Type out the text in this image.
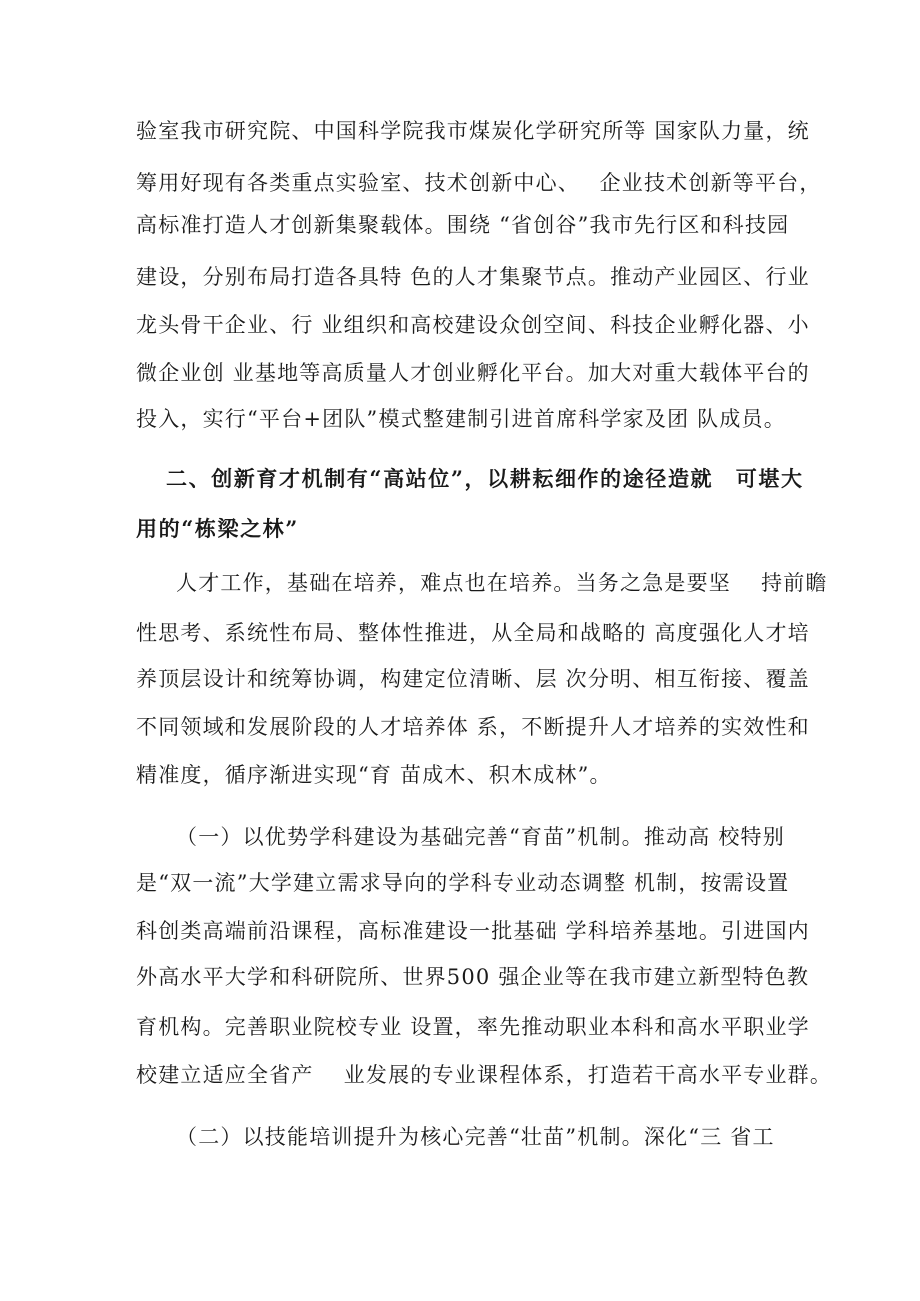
验室我市研究院、中国科学院我市煤炭化学研究所等 国家队力量，统
筹用好现有各类重点实验室、技术创新中心、　 企业技术创新等平台，
高标准打造人才创新集聚载体。围绕 “省创谷”我市先行区和科技园
建设，分别布局打造各具特 色的人才集聚节点。推动产业园区、行业
龙头骨干企业、行 业组织和高校建设众创空间、科技企业孵化器、小
微企业创 业基地等高质量人才创业孵化平台。加大对重大载体平台的
投入，实行“平台+团队”模式整建制引进首席科学家及团 队成员。
二、创新育才机制有“高站位”，以耕耘细作的途径造就　可堪大
用的“栋梁之林”
人才工作，基础在培养，难点也在培养。当务之急是要坚　 持前瞻
性思考、系统性布局、整体性推进，从全局和战略的 高度强化人才培
养顶层设计和统筹协调，构建定位清晰、层 次分明、相互衔接、覆盖
不同领域和发展阶段的人才培养体 系，不断提升人才培养的实效性和
精准度，循序渐进实现“育 苗成木、积木成林”。
（一）以优势学科建设为基础完善“育苗”机制。推动高 校特别
是“双一流”大学建立需求导向的学科专业动态调整 机制，按需设置
科创类高端前沿课程，高标准建设一批基础 学科培养基地。引进国内
外高水平大学和科研院所、世界500 强企业等在我市建立新型特色教
育机构。完善职业院校专业 设置，率先推动职业本科和高水平职业学
校建立适应全省产　 业发展的专业课程体系，打造若干高水平专业群。
（二）以技能培训提升为核心完善“壮苗”机制。深化“三 省工
